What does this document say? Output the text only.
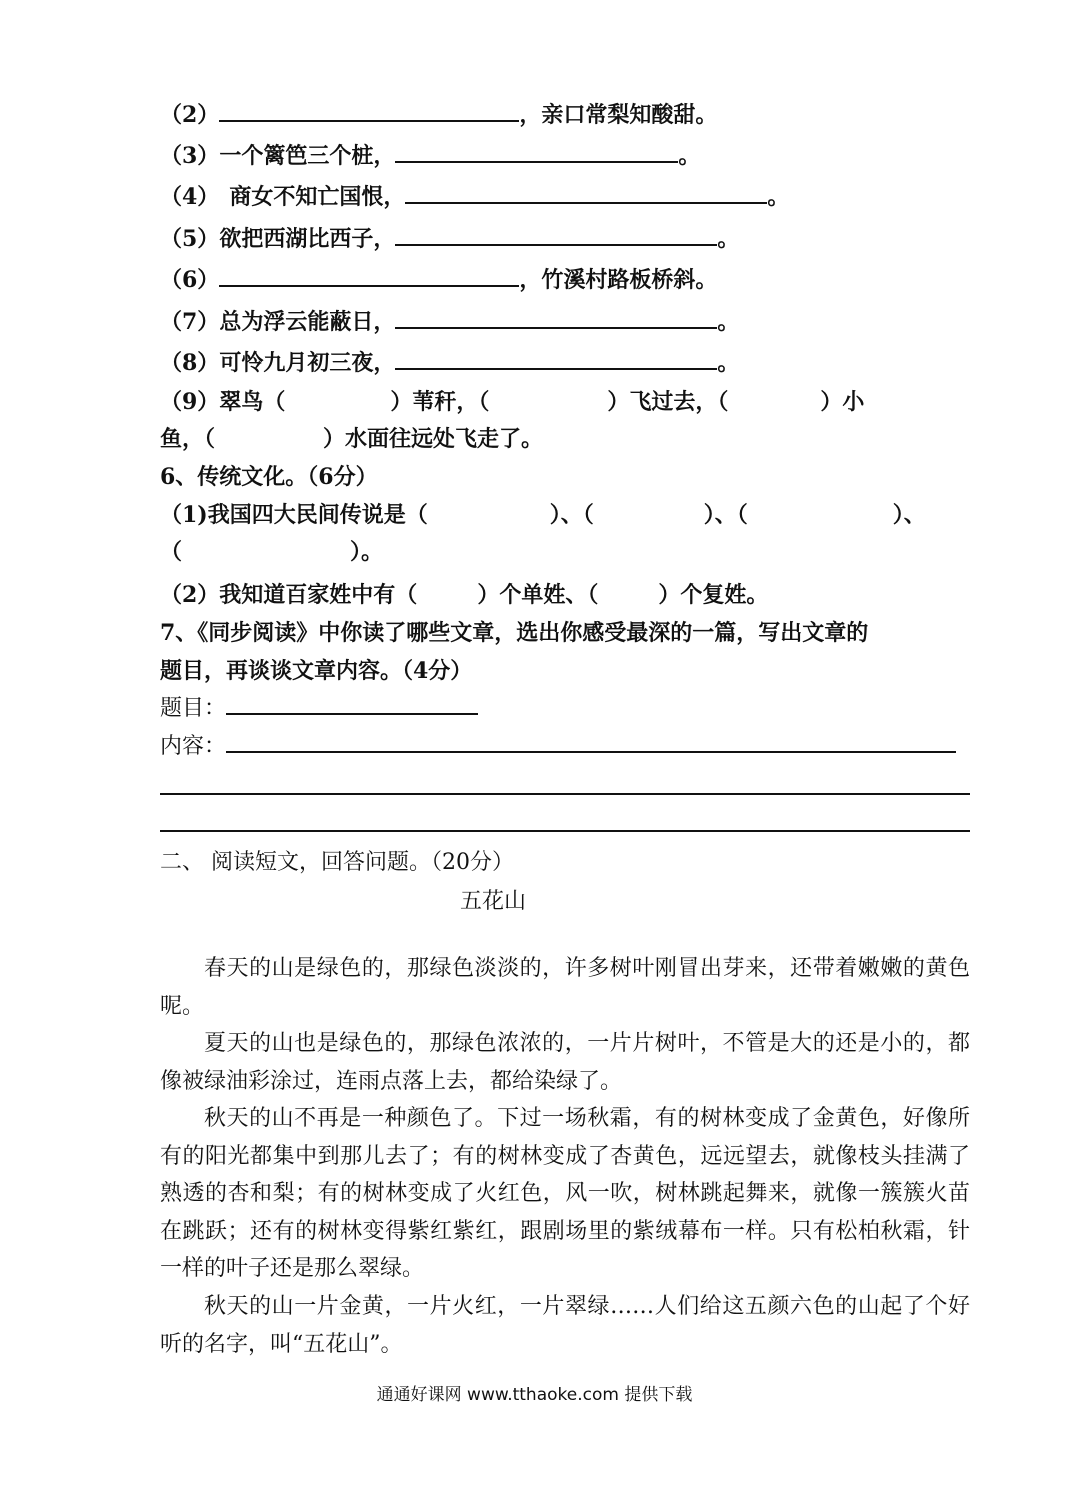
（2）	，亲口常梨知酸甜。
（3）一个篱笆三个桩，	。
（4） 商女不知亡国恨，	。
（5）欲把西湖比西子，	。
（6）	，竹溪村路板桥斜。
（7）总为浮云能蔽日，	。
（8）可怜九月初三夜，	。
（9）翠鸟（	）苇秆，（	）飞过去，（	）小
鱼，（	）水面往远处飞走了。
6、传统文化。（6分）
（1)我国四大民间传说是（	）、（	）、（	）、
（	）。
（2）我知道百家姓中有（	）个单姓、（	）个复姓。
7、《同步阅读》中你读了哪些文章，选出你感受最深的一篇，写出文章的
题目，再谈谈文章内容。（4分）
题目：
内容：
二、 阅读短文，回答问题。（20分）
五花山

春天的山是绿色的，那绿色淡淡的，许多树叶刚冒出芽来，还带着嫩嫩的黄色呢。

夏天的山也是绿色的，那绿色浓浓的，一片片树叶，不管是大的还是小的，都像被绿油彩涂过，连雨点落上去，都给染绿了。

秋天的山不再是一种颜色了。下过一场秋霜，有的树林变成了金黄色，好像所有的阳光都集中到那儿去了；有的树林变成了杏黄色，远远望去，就像枝头挂满了熟透的杏和梨；有的树林变成了火红色，风一吹，树林跳起舞来，就像一簇簇火苗在跳跃；还有的树林变得紫红紫红，跟剧场里的紫绒幕布一样。只有松柏秋霜，针一样的叶子还是那么翠绿。

秋天的山一片金黄，一片火红，一片翠绿……人们给这五颜六色的山起了个好听的名字，叫“五花山”。

通通好课网 www.tthaoke.com 提供下载
